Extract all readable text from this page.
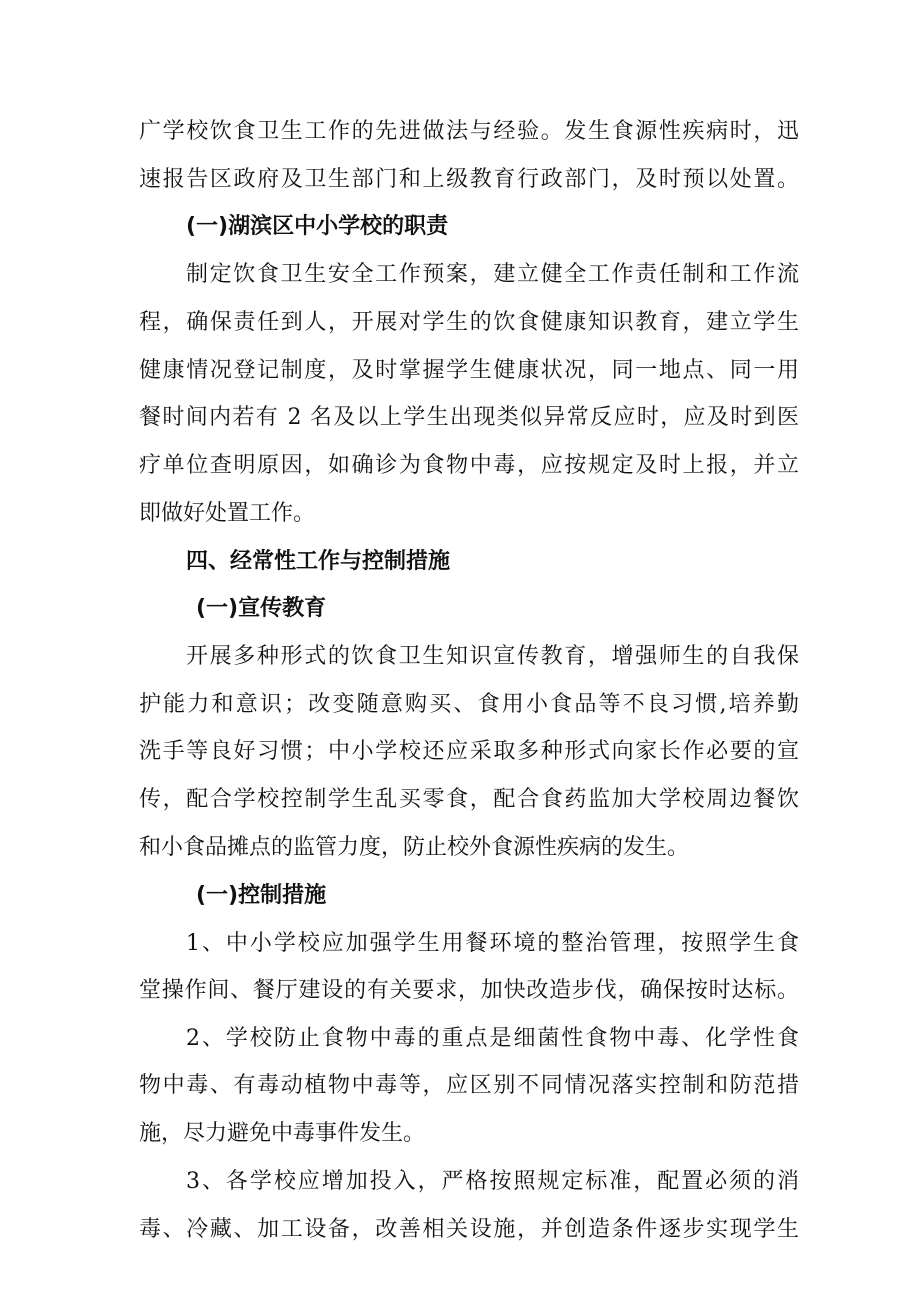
广学校饮食卫生工作的先进做法与经验。发生食源性疾病时，迅
速报告区政府及卫生部门和上级教育行政部门，及时预以处置。
(一)湖滨区中小学校的职责
制定饮食卫生安全工作预案，建立健全工作责任制和工作流
程，确保责任到人，开展对学生的饮食健康知识教育，建立学生
健康情况登记制度，及时掌握学生健康状况，同一地点、同一用
餐时间内若有 2 名及以上学生出现类似异常反应时，应及时到医
疗单位查明原因，如确诊为食物中毒，应按规定及时上报，并立
即做好处置工作。
四、经常性工作与控制措施
(一)宣传教育
开展多种形式的饮食卫生知识宣传教育，增强师生的自我保
护能力和意识；改变随意购买、食用小食品等不良习惯,培养勤
洗手等良好习惯；中小学校还应采取多种形式向家长作必要的宣
传，配合学校控制学生乱买零食，配合食药监加大学校周边餐饮
和小食品摊点的监管力度，防止校外食源性疾病的发生。
(一)控制措施
1、中小学校应加强学生用餐环境的整治管理，按照学生食
堂操作间、餐厅建设的有关要求，加快改造步伐，确保按时达标。
2、学校防止食物中毒的重点是细菌性食物中毒、化学性食
物中毒、有毒动植物中毒等，应区别不同情况落实控制和防范措
施，尽力避免中毒事件发生。
3、各学校应增加投入，严格按照规定标准，配置必须的消
毒、冷藏、加工设备，改善相关设施，并创造条件逐步实现学生
